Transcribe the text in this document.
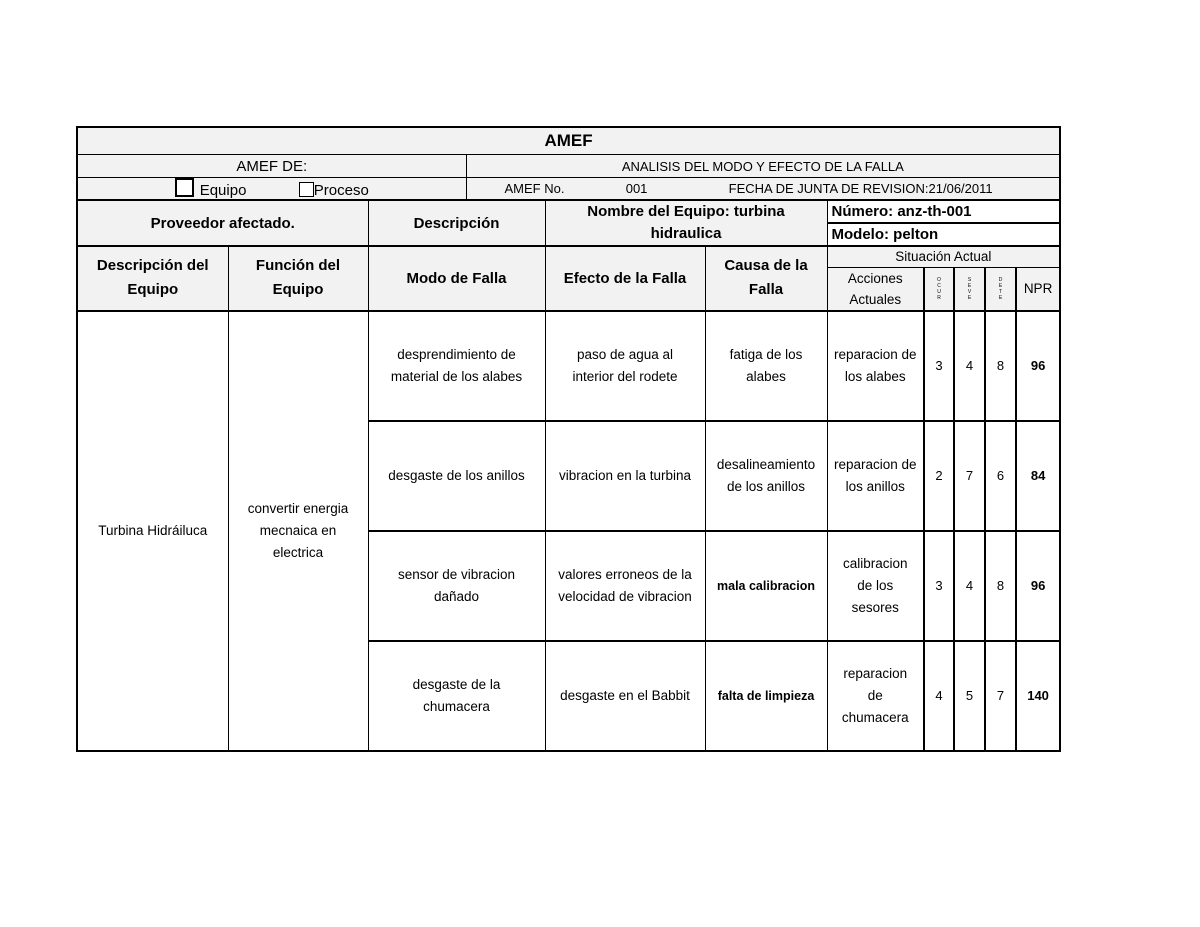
AMEF										
AMEF DE:			ANALISIS DEL MODO Y EFECTO DE LA FALLA							
Equipo Proceso			AMEF No. 001 FECHA DE JUNTA DE REVISION:21/06/2011							
Proveedor afectado.		Descripción		Nombre del Equipo: turbina hidraulica		Número: anz-th-001				
						Modelo: pelton				
Descripción del Equipo	Función del Equipo	Modo de Falla		Efecto de la Falla	Causa de la Falla	Situación Actual				
						Acciones Actuales	O C U R	S E V E	D E T E	NPR
Turbina Hidráiluca	convertir energia mecnaica en electrica	desprendimiento de material de los alabes		paso de agua al interior del rodete	fatiga de los alabes	reparacion de los alabes	3	4	8	96
		desgaste de los anillos		vibracion en la turbina	desalineamiento de los anillos	reparacion de los anillos	2	7	6	84
		sensor de vibracion dañado		valores erroneos de la velocidad de vibracion	mala calibracion	calibracion de los sesores	3	4	8	96
		desgaste de la chumacera		desgaste en el Babbit	falta de limpieza	reparacion de chumacera	4	5	7	140
